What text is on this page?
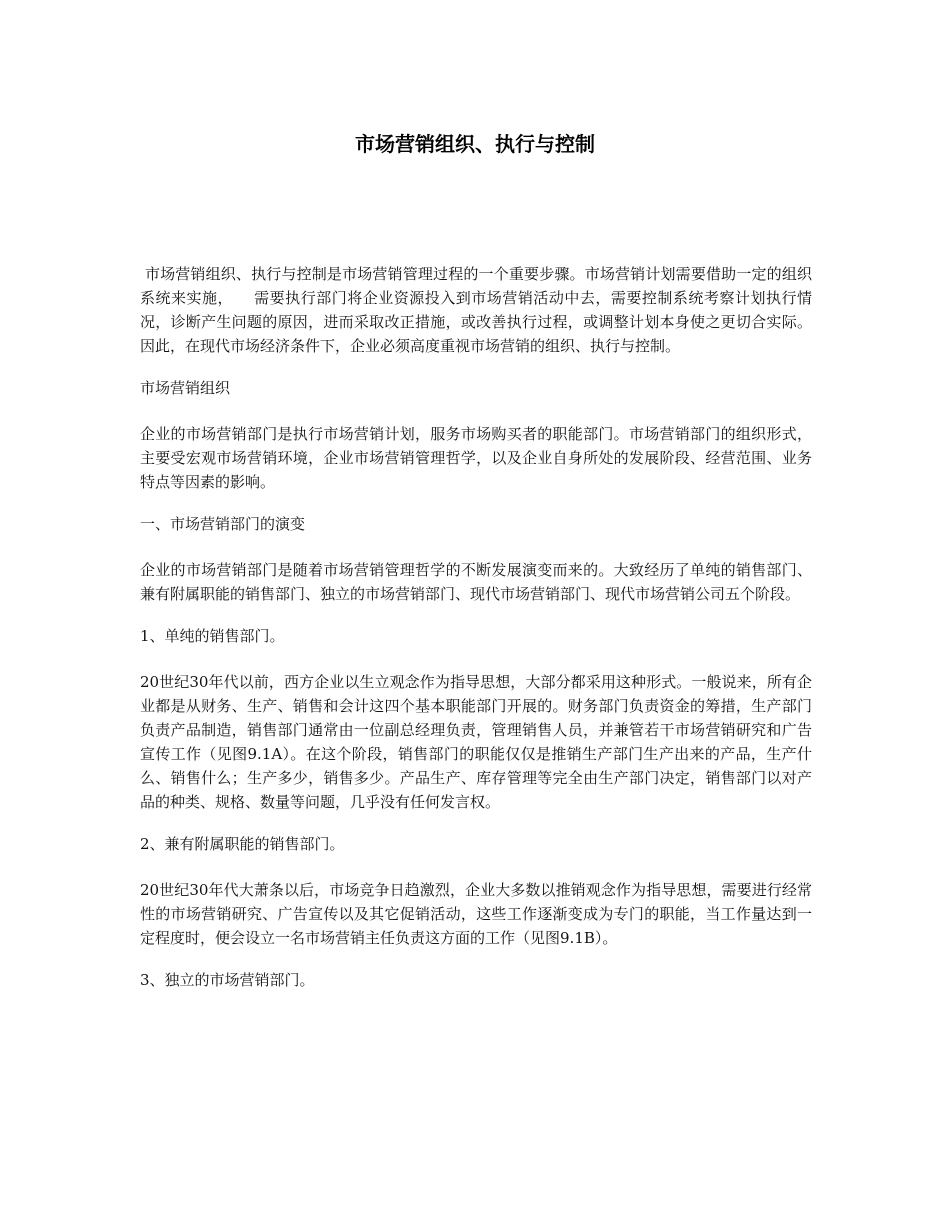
市场营销组织、执行与控制

市场营销组织、执行与控制是市场营销管理过程的一个重要步骤。市场营销计划需要借助一定的组织系统来实施，    需要执行部门将企业资源投入到市场营销活动中去，需要控制系统考察计划执行情况，诊断产生问题的原因，进而采取改正措施，或改善执行过程，或调整计划本身使之更切合实际。因此，在现代市场经济条件下，企业必须高度重视市场营销的组织、执行与控制。

市场营销组织

企业的市场营销部门是执行市场营销计划，服务市场购买者的职能部门。市场营销部门的组织形式，主要受宏观市场营销环境，企业市场营销管理哲学，以及企业自身所处的发展阶段、经营范围、业务特点等因素的影响。

一、市场营销部门的演变

企业的市场营销部门是随着市场营销管理哲学的不断发展演变而来的。大致经历了单纯的销售部门、兼有附属职能的销售部门、独立的市场营销部门、现代市场营销部门、现代市场营销公司五个阶段。

1、单纯的销售部门。

20世纪30年代以前，西方企业以生立观念作为指导思想，大部分都采用这种形式。一般说来，所有企业都是从财务、生产、销售和会计这四个基本职能部门开展的。财务部门负责资金的筹措，生产部门负责产品制造，销售部门通常由一位副总经理负责，管理销售人员，并兼管若干市场营销研究和广告宣传工作（见图9.1A）。在这个阶段，销售部门的职能仅仅是推销生产部门生产出来的产品，生产什么、销售什么；生产多少，销售多少。产品生产、库存管理等完全由生产部门决定，销售部门以对产品的种类、规格、数量等问题，几乎没有任何发言权。

2、兼有附属职能的销售部门。

20世纪30年代大萧条以后，市场竞争日趋激烈，企业大多数以推销观念作为指导思想，需要进行经常性的市场营销研究、广告宣传以及其它促销活动，这些工作逐渐变成为专门的职能，当工作量达到一定程度时，便会设立一名市场营销主任负责这方面的工作（见图9.1B）。

3、独立的市场营销部门。
